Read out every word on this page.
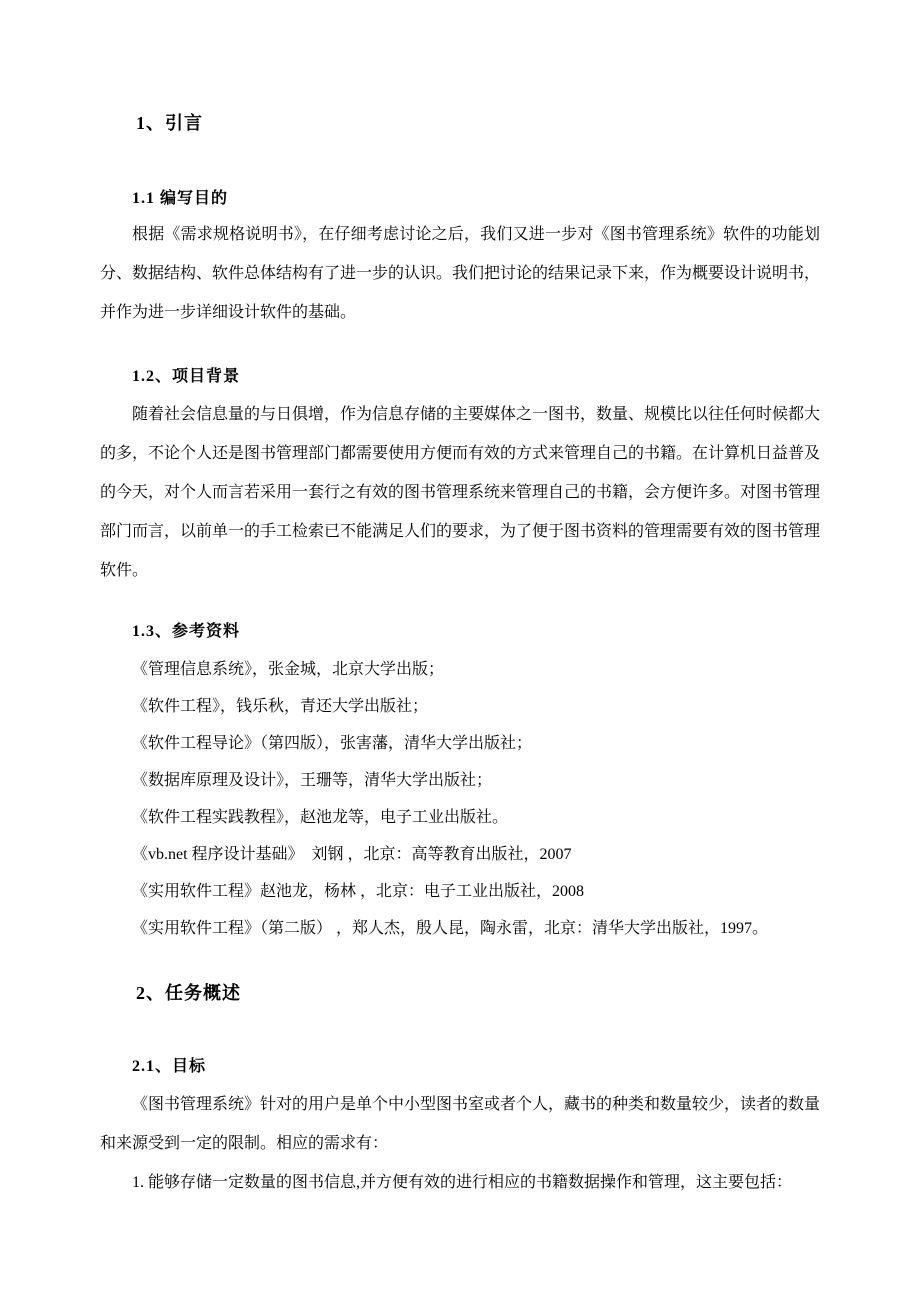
1、引言
1.1 编写目的

根据《需求规格说明书》，在仔细考虑讨论之后，我们又进一步对《图书管理系统》软件的功能划分、数据结构、软件总体结构有了进一步的认识。我们把讨论的结果记录下来，作为概要设计说明书，并作为进一步详细设计软件的基础。

1.2、项目背景

随着社会信息量的与日俱增，作为信息存储的主要媒体之一图书，数量、规模比以往任何时候都大的多，不论个人还是图书管理部门都需要使用方便而有效的方式来管理自己的书籍。在计算机日益普及的今天，对个人而言若采用一套行之有效的图书管理系统来管理自己的书籍，会方便许多。对图书管理部门而言，以前单一的手工检索已不能满足人们的要求，为了便于图书资料的管理需要有效的图书管理软件。

1.3、参考资料
《管理信息系统》，张金城，北京大学出版；
《软件工程》，钱乐秋，青还大学出版社；
《软件工程导论》（第四版），张害藩，清华大学出版社；
《数据库原理及设计》，王珊等，清华大学出版社；
《软件工程实践教程》，赵池龙等，电子工业出版社。
《vb.net 程序设计基础》  刘钢 ，北京：高等教育出版社，2007
《实用软件工程》赵池龙，杨林 ，北京：电子工业出版社，2008
《实用软件工程》（第二版） ，郑人杰，殷人昆，陶永雷，北京：清华大学出版社，1997。
2、任务概述
2.1、目标

《图书管理系统》针对的用户是单个中小型图书室或者个人，藏书的种类和数量较少，读者的数量和来源受到一定的限制。相应的需求有：

1. 能够存储一定数量的图书信息,并方便有效的进行相应的书籍数据操作和管理，这主要包括：
